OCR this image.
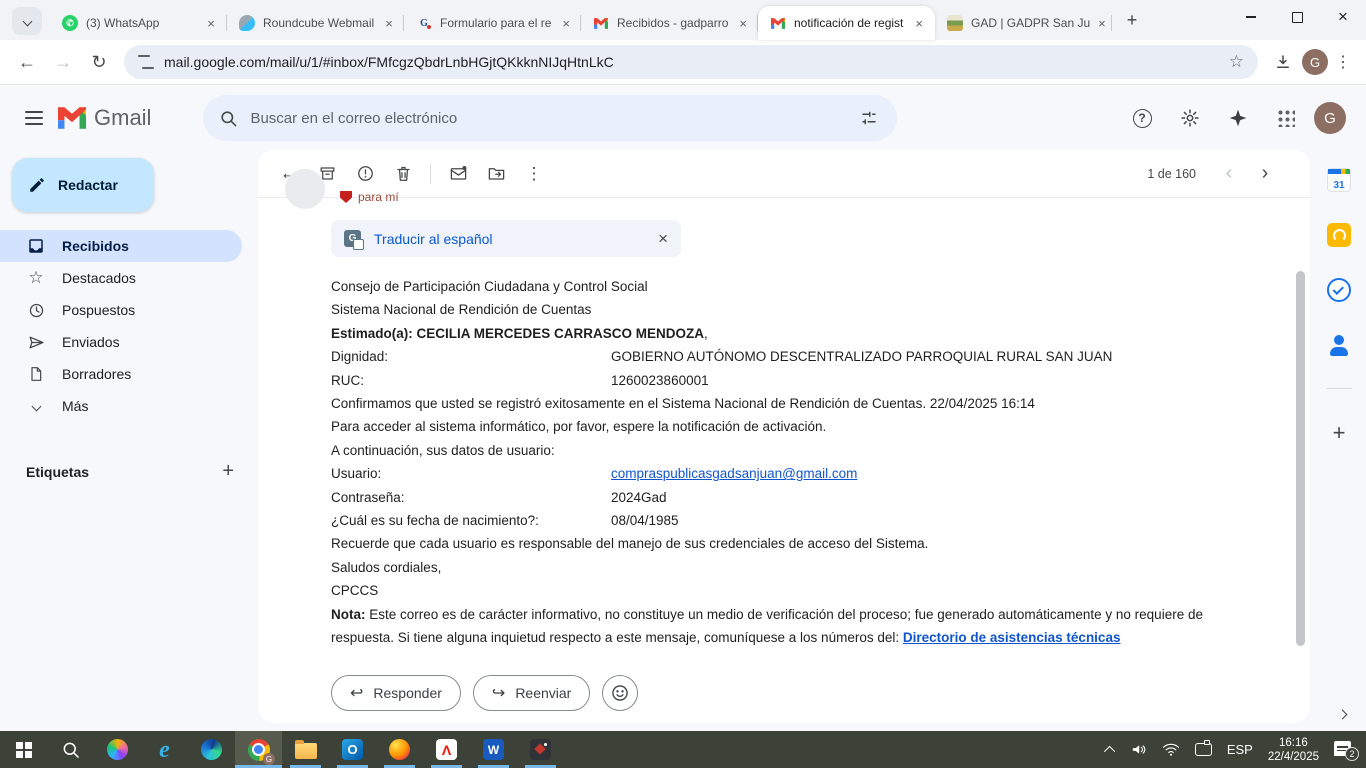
✆
(3) WhatsApp ×	Roundcube Webmail × G	Formulario para el re ×	Recibidos - gadparro ×	notificación de regist ×	GAD | GADPR San Ju
×
+
×
←
→
↻
mail.google.com/mail/u/1/#inbox/FMfcgzQbdrLnbHGjtQKkknNIJqHtnLkC ☆	G
⋮
Gmail	Buscar en el correo electrónico ?	G
Redactar
Recibidos
☆
Destacados
Pospuestos
Enviados
Borradores
Más
Etiquetas
+
←
⋮
1 de 160
‹
›
para mí
G
Traducir al español
×
Consejo de Participación Ciudadana y Control Social
Sistema Nacional de Rendición de Cuentas
Estimado(a): CECILIA MERCEDES CARRASCO MENDOZA,
Dignidad:	GOBIERNO AUTÓNOMO DESCENTRALIZADO PARROQUIAL RURAL SAN JUAN
RUC:	1260023860001
Confirmamos que usted se registró exitosamente en el Sistema Nacional de Rendición de Cuentas. 22/04/2025 16:14
Para acceder al sistema informático, por favor, espere la notificación de activación.
A continuación, sus datos de usuario:
Usuario:	compraspublicasgadsanjuan@gmail.com
Contraseña:	2024Gad
¿Cuál es su fecha de nacimiento?:	08/04/1985
Recuerde que cada usuario es responsable del manejo de sus credenciales de acceso del Sistema.
Saludos cordiales,
CPCCS
Nota: Este correo es de carácter informativo, no constituye un medio de verificación del proceso; fue generado automáticamente y no requiere de respuesta. Si tiene alguna inquietud respecto a este mensaje, comuníquese a los números del: Directorio de asistencias técnicas
↩
Responder ↪	Reenviar
31
+
e
G
O
Λ
W
ESP	16:16
22/4/2025	2
